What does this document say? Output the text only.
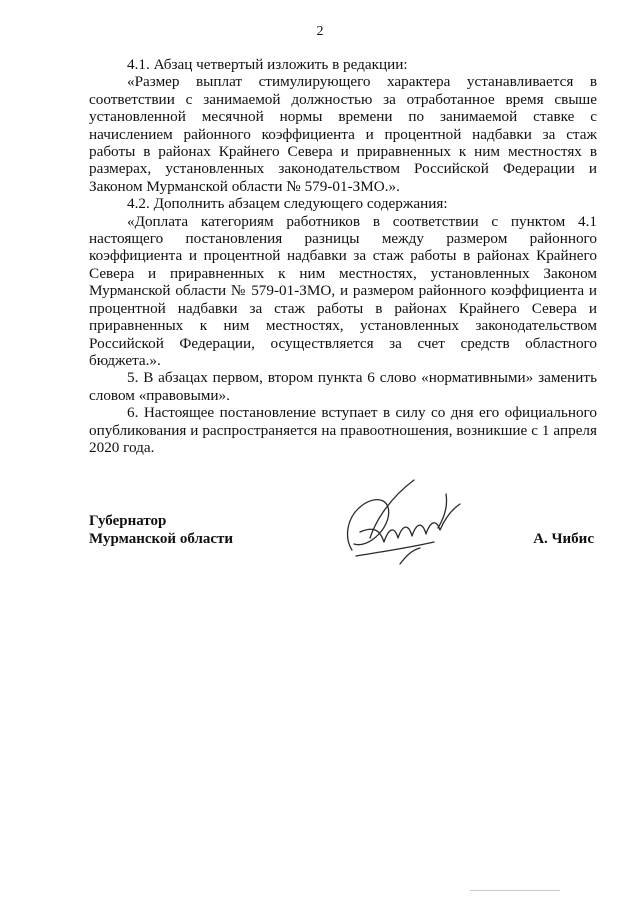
2

4.1. Абзац четвертый изложить в редакции:

«Размер выплат стимулирующего характера устанавливается в соответствии с занимаемой должностью за отработанное время свыше установленной месячной нормы времени по занимаемой ставке с начислением районного коэффициента и процентной надбавки за стаж работы в районах Крайнего Севера и приравненных к ним местностях в размерах, установленных законодательством Российской Федерации и Законом Мурманской области № 579-01-ЗМО.».

4.2. Дополнить абзацем следующего содержания:

«Доплата категориям работников в соответствии с пунктом 4.1 настоящего постановления разницы между размером районного коэффициента и процентной надбавки за стаж работы в районах Крайнего Севера и приравненных к ним местностях, установленных Законом Мурманской области № 579-01-ЗМО, и размером районного коэффициента и процентной надбавки за стаж работы в районах Крайнего Севера и приравненных к ним местностях, установленных законодательством Российской Федерации, осуществляется за счет средств областного бюджета.».

5. В абзацах первом, втором пункта 6 слово «нормативными» заменить словом «правовыми».

6. Настоящее постановление вступает в силу со дня его официального опубликования и распространяется на правоотношения, возникшие с 1 апреля 2020 года.

Губернатор
Мурманской области	А. Чибис
